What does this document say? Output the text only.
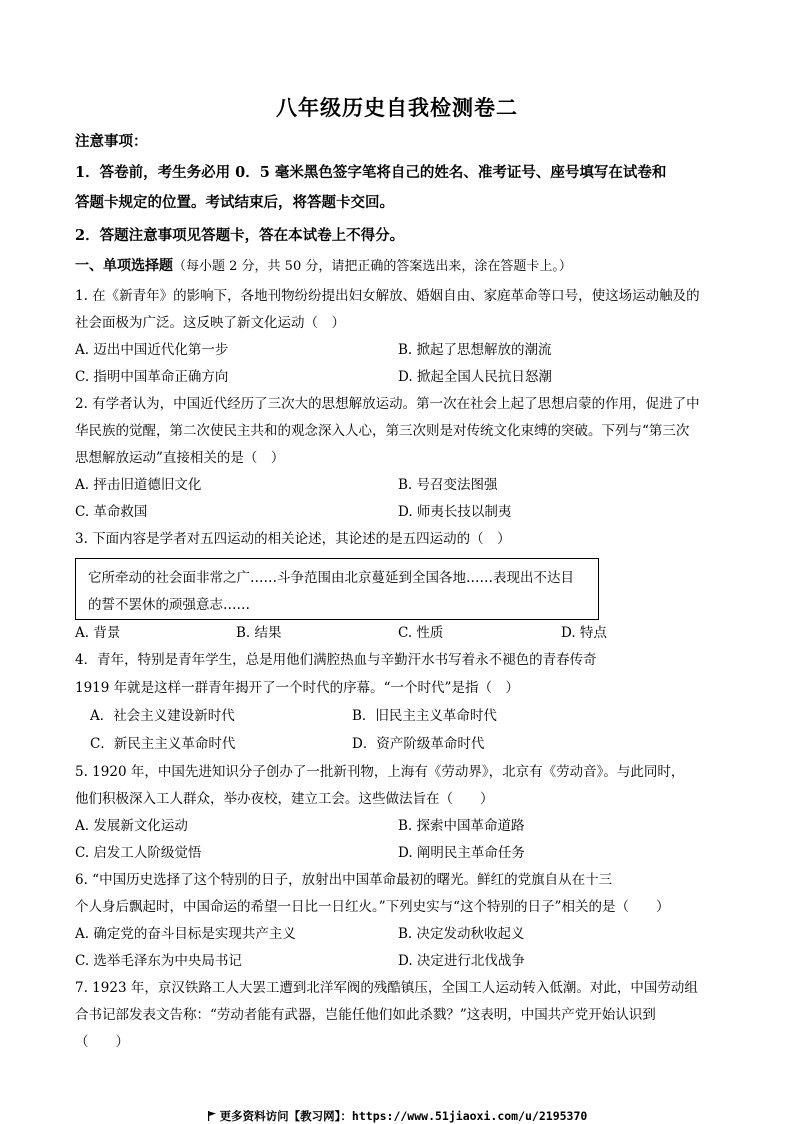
八年级历史自我检测卷二
注意事项：
1．答卷前，考生务必用 0．5 毫米黑色签字笔将自己的姓名、准考证号、座号填写在试卷和
答题卡规定的位置。考试结束后，将答题卡交回。
2．答题注意事项见答题卡，答在本试卷上不得分。
一、单项选择题（每小题 2 分，共 50 分，请把正确的答案选出来，涂在答题卡上。）
1. 在《新青年》的影响下，各地刊物纷纷提出妇女解放、婚姻自由、家庭革命等口号，使这场运动触及的
社会面极为广泛。这反映了新文化运动（　）
A. 迈出中国近代化第一步	B. 掀起了思想解放的潮流
C. 指明中国革命正确方向	D. 掀起全国人民抗日怒潮
2. 有学者认为，中国近代经历了三次大的思想解放运动。第一次在社会上起了思想启蒙的作用，促进了中
华民族的觉醒，第二次使民主共和的观念深入人心，第三次则是对传统文化束缚的突破。下列与“第三次
思想解放运动”直接相关的是（　）
A. 抨击旧道德旧文化	B. 号召变法图强
C. 革命救国	D. 师夷长技以制夷
3. 下面内容是学者对五四运动的相关论述，其论述的是五四运动的（　）
它所牵动的社会面非常之广……斗争范围由北京蔓延到全国各地……表现出不达目
的誓不罢休的顽强意志……
A. 背景	B. 结果	C. 性质	D. 特点
4．青年，特别是青年学生，总是用他们满腔热血与辛勤汗水书写着永不褪色的青春传奇
1919 年就是这样一群青年揭开了一个时代的序幕。“一个时代”是指（　）
A．社会主义建设新时代	B．旧民主主义革命时代
C．新民主主义革命时代	D．资产阶级革命时代
5. 1920 年，中国先进知识分子创办了一批新刊物，上海有《劳动界》，北京有《劳动音》。与此同时，
他们积极深入工人群众，举办夜校，建立工会。这些做法旨在（　　）
A. 发展新文化运动	B. 探索中国革命道路
C. 启发工人阶级觉悟	D. 阐明民主革命任务
6. “中国历史选择了这个特别的日子，放射出中国革命最初的曙光。鲜红的党旗自从在十三
个人身后飘起时，中国命运的希望一日比一日红火。”下列史实与“这个特别的日子”相关的是（　　）
A. 确定党的奋斗目标是实现共产主义	B. 决定发动秋收起义
C. 选举毛泽东为中央局书记	D. 决定进行北伐战争
7. 1923 年，京汉铁路工人大罢工遭到北洋军阀的残酷镇压，全国工人运动转入低潮。对此，中国劳动组
合书记部发表文告称：“劳动者能有武器，岂能任他们如此杀戮？”这表明，中国共产党开始认识到
（　　）
更多资料访问【教习网】：https://www.51jiaoxi.com/u/2195370
